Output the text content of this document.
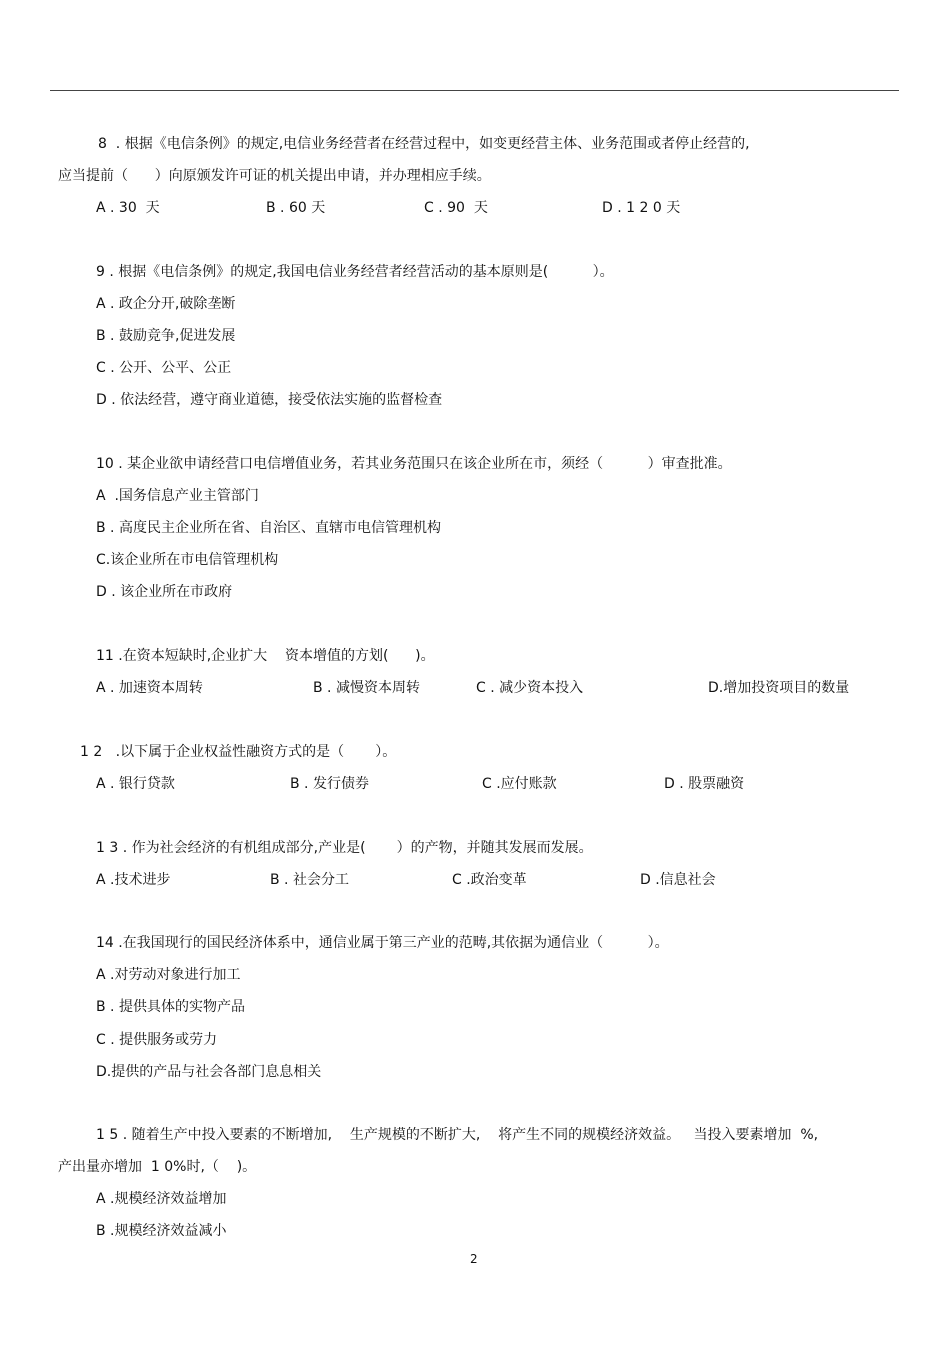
8  . 根据《电信条例》的规定,电信业务经营者在经营过程中，如变更经营主体、业务范围或者停止经营的,
应当提前（      ）向原颁发许可证的机关提出申请，并办理相应手续。
A . 30  天	B . 60 天	C . 90  天	D . 1 2 0 天
9 . 根据《电信条例》的规定,我国电信业务经营者经营活动的基本原则是(          ）。
A . 政企分开,破除垄断
B . 鼓励竞争,促进发展
C . 公开、公平、公正
D . 依法经营，遵守商业道德，接受依法实施的监督检查
10 . 某企业欲申请经营口电信增值业务，若其业务范围只在该企业所在市，须经（          ）审查批准。
A  .国务信息产业主管部门
B . 高度民主企业所在省、自治区、直辖市电信管理机构
C.该企业所在市电信管理机构
D . 该企业所在市政府
11 .在资本短缺时,企业扩大    资本增值的方划(      )。
A . 加速资本周转	B . 减慢资本周转	C . 减少资本投入	D.增加投资项目的数量
1 2   .以下属于企业权益性融资方式的是（       ）。
A . 银行贷款	B . 发行债券	C .应付账款	D . 股票融资
1 3 . 作为社会经济的有机组成部分,产业是(       ）的产物，并随其发展而发展。
A .技术进步	B . 社会分工	C .政治变革	D .信息社会
14 .在我国现行的国民经济体系中，通信业属于第三产业的范畴,其依据为通信业（          ）。
A .对劳动对象进行加工
B . 提供具体的实物产品
C . 提供服务或劳力
D.提供的产品与社会各部门息息相关
1 5 . 随着生产中投入要素的不断增加,    生产规模的不断扩大,    将产生不同的规模经济效益。   当投入要素增加  %,
产出量亦增加  1 0%时,（    )。
A .规模经济效益增加
B .规模经济效益减小
2
